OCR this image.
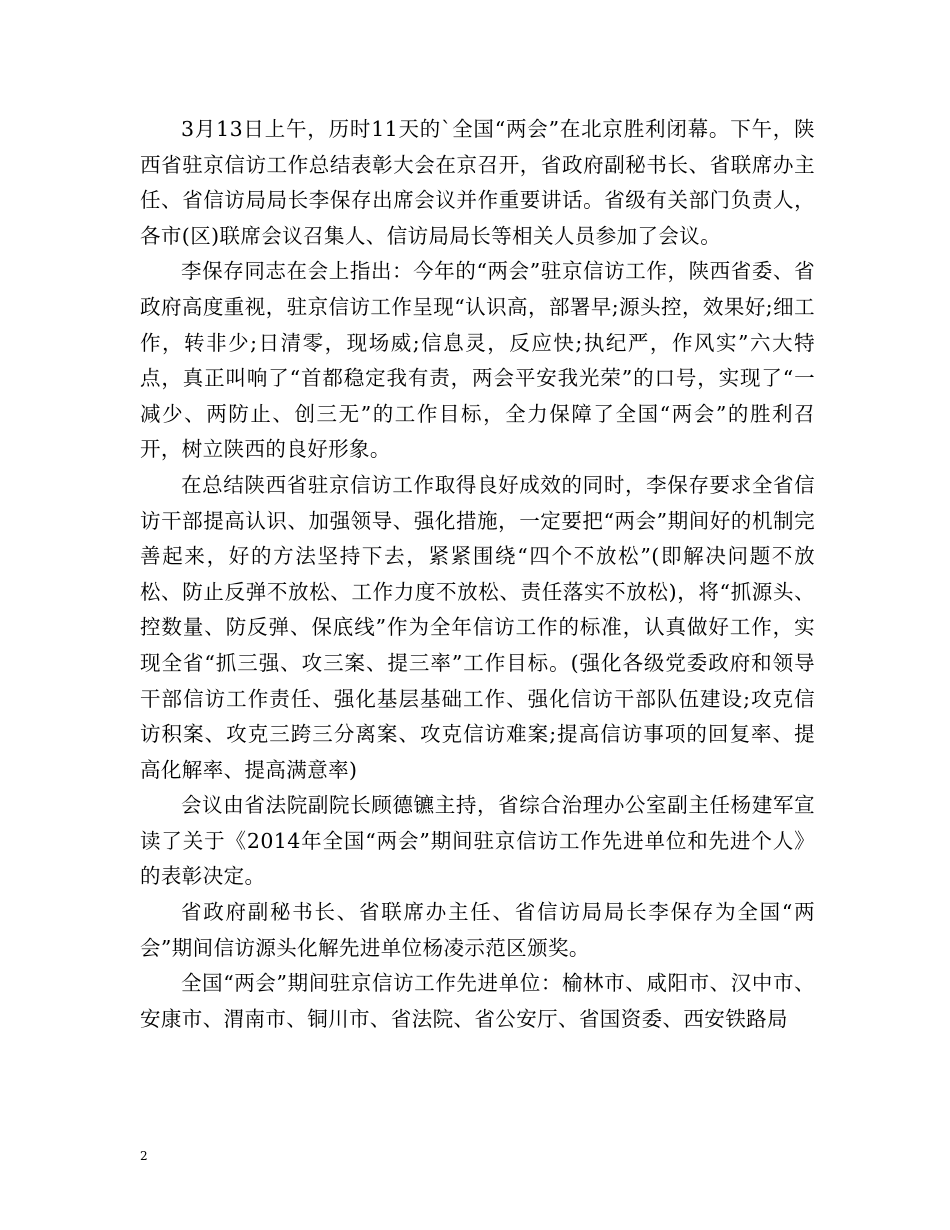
3月13日上午，历时11天的`全国“两会”在北京胜利闭幕。下午，陕西省驻京信访工作总结表彰大会在京召开，省政府副秘书长、省联席办主任、省信访局局长李保存出席会议并作重要讲话。省级有关部门负责人，各市(区)联席会议召集人、信访局局长等相关人员参加了会议。

李保存同志在会上指出：今年的“两会”驻京信访工作，陕西省委、省政府高度重视，驻京信访工作呈现“认识高，部署早;源头控，效果好;细工作，转非少;日清零，现场威;信息灵，反应快;执纪严，作风实”六大特点，真正叫响了“首都稳定我有责，两会平安我光荣”的口号，实现了“一减少、两防止、创三无”的工作目标，全力保障了全国“两会”的胜利召开，树立陕西的良好形象。

在总结陕西省驻京信访工作取得良好成效的同时，李保存要求全省信访干部提高认识、加强领导、强化措施，一定要把“两会”期间好的机制完善起来，好的方法坚持下去，紧紧围绕“四个不放松”(即解决问题不放松、防止反弹不放松、工作力度不放松、责任落实不放松)，将“抓源头、控数量、防反弹、保底线”作为全年信访工作的标准，认真做好工作，实现全省“抓三强、攻三案、提三率”工作目标。(强化各级党委政府和领导干部信访工作责任、强化基层基础工作、强化信访干部队伍建设;攻克信访积案、攻克三跨三分离案、攻克信访难案;提高信访事项的回复率、提高化解率、提高满意率)

会议由省法院副院长顾德镳主持，省综合治理办公室副主任杨建军宣读了关于《2014年全国“两会”期间驻京信访工作先进单位和先进个人》的表彰决定。

省政府副秘书长、省联席办主任、省信访局局长李保存为全国“两会”期间信访源头化解先进单位杨凌示范区颁奖。

全国“两会”期间驻京信访工作先进单位：榆林市、咸阳市、汉中市、安康市、渭南市、铜川市、省法院、省公安厅、省国资委、西安铁路局

2
